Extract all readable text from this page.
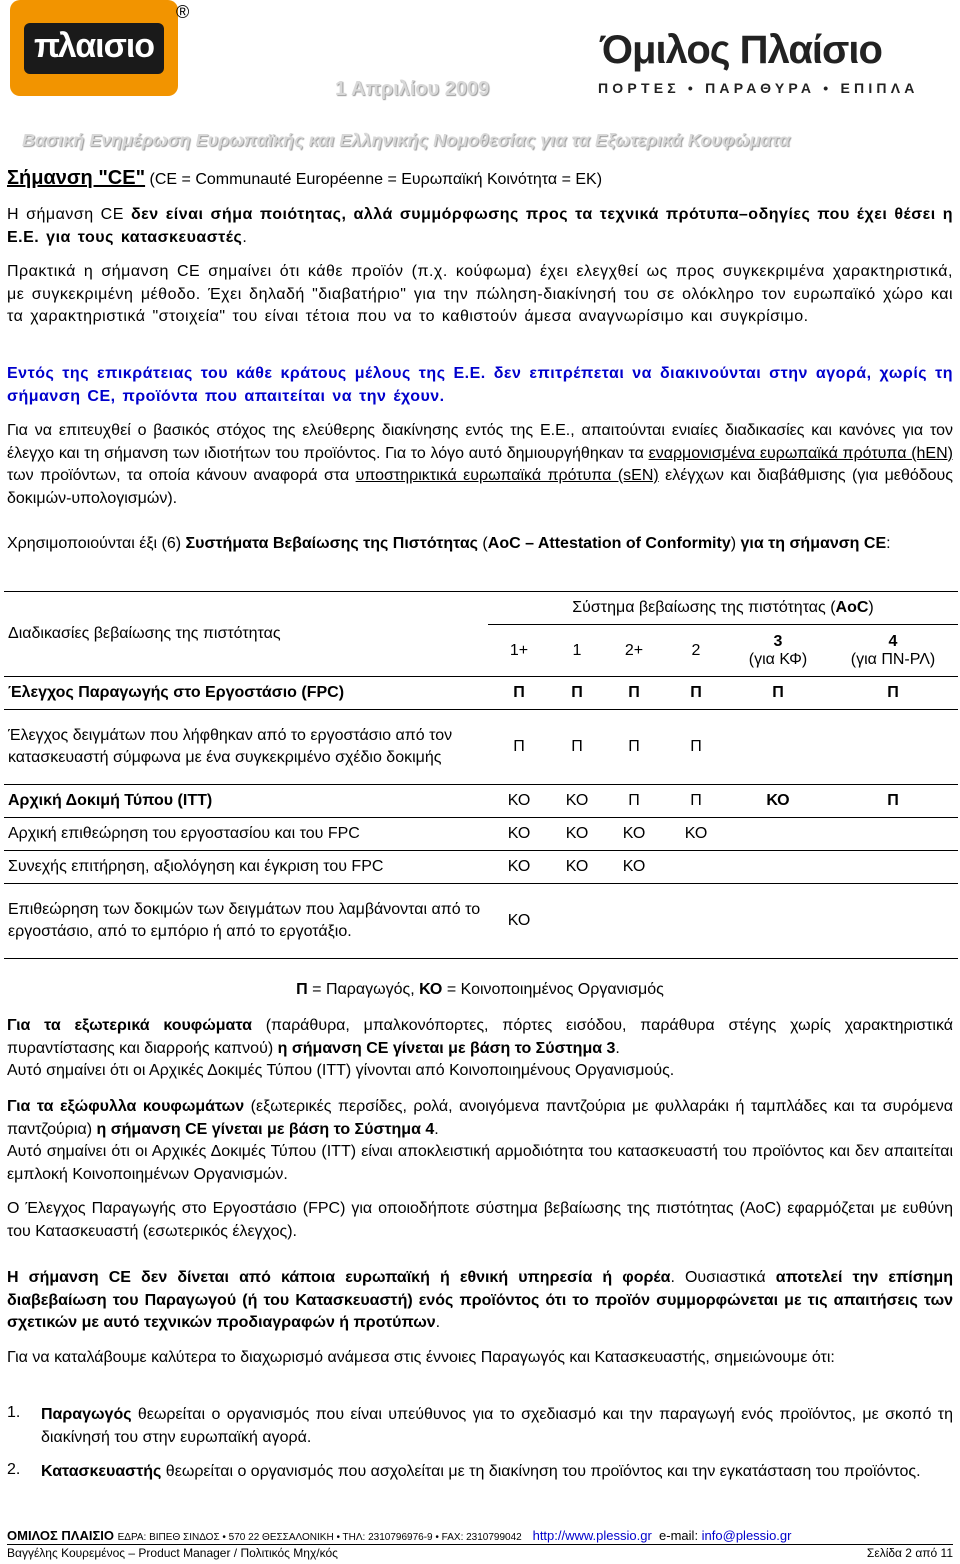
πλαισιο
®
Όμιλος Πλαίσιο
ΠΟΡΤΕΣ • ΠΑΡΑΘΥΡΑ • ΕΠΙΠΛΑ
1 Απριλίου 2009
Βασική Ενημέρωση Ευρωπαϊκής και Ελληνικής Νομοθεσίας για τα Εξωτερικά Κουφώματα
Σήμανση "CE" (CE = Communauté Européenne = Ευρωπαϊκή Κοινότητα = ΕΚ)

Η σήμανση CE δεν είναι σήμα ποιότητας, αλλά συμμόρφωσης προς τα τεχνικά πρότυπα–οδηγίες που έχει θέσει η Ε.Ε. για τους κατασκευαστές.

Πρακτικά η σήμανση CE σημαίνει ότι κάθε προϊόν (π.χ. κούφωμα) έχει ελεγχθεί ως προς συγκεκριμένα χαρακτηριστικά, με συγκεκριμένη μέθοδο. Έχει δηλαδή "διαβατήριο" για την πώληση-διακίνησή του σε ολόκληρο τον ευρωπαϊκό χώρο και τα χαρακτηριστικά "στοιχεία" του είναι τέτοια που να το καθιστούν άμεσα αναγνωρίσιμο και συγκρίσιμο.

Εντός της επικράτειας του κάθε κράτους μέλους της Ε.Ε. δεν επιτρέπεται να διακινούνται στην αγορά, χωρίς τη σήμανση CE, προϊόντα που απαιτείται να την έχουν.

Για να επιτευχθεί ο βασικός στόχος της ελεύθερης διακίνησης εντός της Ε.Ε., απαιτούνται ενιαίες διαδικασίες και κανόνες για τον έλεγχο και τη σήμανση των ιδιοτήτων του προϊόντος. Για το λόγο αυτό δημιουργήθηκαν τα εναρμονισμένα ευρωπαϊκά πρότυπα (hEN) των προϊόντων, τα οποία κάνουν αναφορά στα υποστηρικτικά ευρωπαϊκά πρότυπα (sEN) ελέγχων και διαβάθμισης (για μεθόδους δοκιμών-υπολογισμών).

Χρησιμοποιούνται έξι (6) Συστήματα Βεβαίωσης της Πιστότητας (AoC – Attestation of Conformity) για τη σήμανση CE:

Διαδικασίες βεβαίωσης της πιστότητας	Σύστημα βεβαίωσης της πιστότητας (AoC)					
	1+	1	2+	2	3
(για ΚΦ)	4
(για ΠΝ-ΡΛ)
Έλεγχος Παραγωγής στο Εργοστάσιο (FPC)	Π	Π	Π	Π	Π	Π
Έλεγχος δειγμάτων που λήφθηκαν από το εργοστάσιο από τον κατασκευαστή σύμφωνα με ένα συγκεκριμένο σχέδιο δοκιμής	Π	Π	Π	Π		
Αρχική Δοκιμή Τύπου (ITT)	ΚΟ	ΚΟ	Π	Π	ΚΟ	Π
Αρχική επιθεώρηση του εργοστασίου και του FPC	ΚΟ	ΚΟ	ΚΟ	ΚΟ		
Συνεχής επιτήρηση, αξιολόγηση και έγκριση του FPC	ΚΟ	ΚΟ	ΚΟ			
Επιθεώρηση των δοκιμών των δειγμάτων που λαμβάνονται από το εργοστάσιο, από το εμπόριο ή από το εργοτάξιο.	ΚΟ					
Π = Παραγωγός, ΚΟ = Κοινοποιημένος Οργανισμός

Για τα εξωτερικά κουφώματα (παράθυρα, μπαλκονόπορτες, πόρτες εισόδου, παράθυρα στέγης χωρίς χαρακτηριστικά πυραντίστασης και διαρροής καπνού) η σήμανση CE γίνεται με βάση το Σύστημα 3.
Αυτό σημαίνει ότι οι Αρχικές Δοκιμές Τύπου (ITT) γίνονται από Κοινοποιημένους Οργανισμούς.

Για τα εξώφυλλα κουφωμάτων (εξωτερικές περσίδες, ρολά, ανοιγόμενα παντζούρια με φυλλαράκι ή ταμπλάδες και τα συρόμενα παντζούρια) η σήμανση CE γίνεται με βάση το Σύστημα 4.
Αυτό σημαίνει ότι οι Αρχικές Δοκιμές Τύπου (ITT) είναι αποκλειστική αρμοδιότητα του κατασκευαστή του προϊόντος και δεν απαιτείται εμπλοκή Κοινοποιημένων Οργανισμών.

Ο Έλεγχος Παραγωγής στο Εργοστάσιο (FPC) για οποιοδήποτε σύστημα βεβαίωσης της πιστότητας (AoC) εφαρμόζεται με ευθύνη του Κατασκευαστή (εσωτερικός έλεγχος).

Η σήμανση CE δεν δίνεται από κάποια ευρωπαϊκή ή εθνική υπηρεσία ή φορέα. Ουσιαστικά αποτελεί την επίσημη διαβεβαίωση του Παραγωγού (ή του Κατασκευαστή) ενός προϊόντος ότι το προϊόν συμμορφώνεται με τις απαιτήσεις των σχετικών με αυτό τεχνικών προδιαγραφών ή προτύπων.

Για να καταλάβουμε καλύτερα το διαχωρισμό ανάμεσα στις έννοιες Παραγωγός και Κατασκευαστής, σημειώνουμε ότι:

1. Παραγωγός θεωρείται ο οργανισμός που είναι υπεύθυνος για το σχεδιασμό και την παραγωγή ενός προϊόντος, με σκοπό τη διακίνησή του στην ευρωπαϊκή αγορά.

2. Κατασκευαστής θεωρείται ο οργανισμός που ασχολείται με τη διακίνηση του προϊόντος και την εγκατάσταση του προϊόντος.

ΟΜΙΛΟΣ ΠΛΑΙΣΙΟ ΕΔΡΑ: ΒΙΠΕΘ ΣΙΝΔΟΣ • 570 22 ΘΕΣΣΑΛΟΝΙΚΗ • ΤΗΛ: 2310796976-9 • FAX: 2310799042 http://www.plessio.gr e-mail: info@plessio.gr
Βαγγέλης Κουρεμένος – Product Manager / Πολιτικός Μηχ/κός	Σελίδα 2 από 11
